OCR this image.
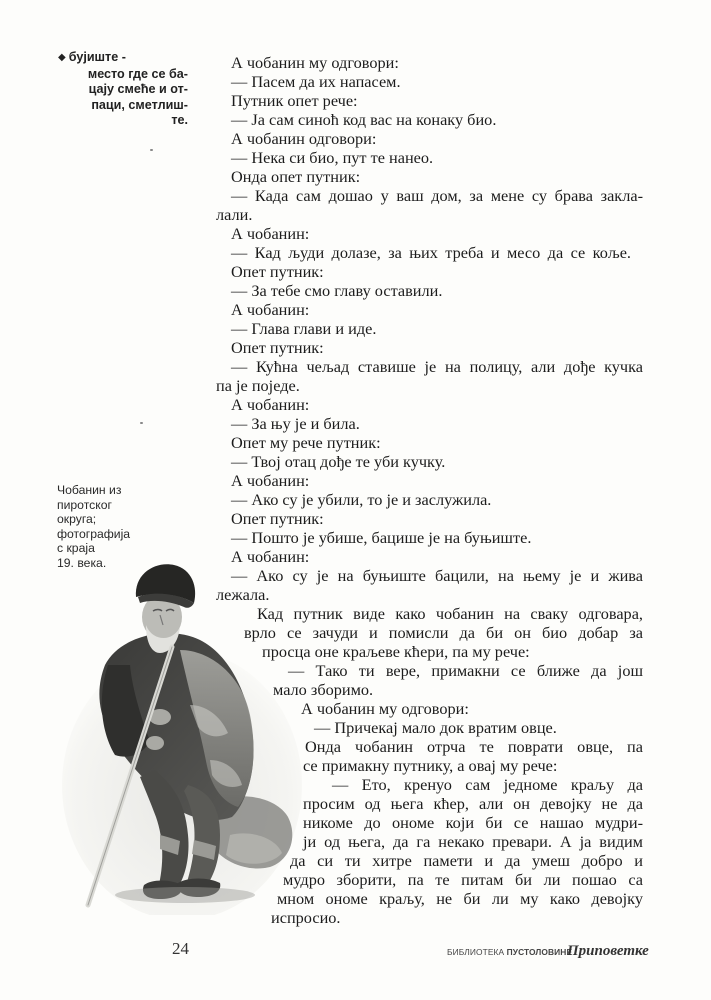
◆ бујиште -
место где се ба-
цају смеће и от-
паци, сметлиш-
те.
Чобанин из
пиротског
округа;
фотографија
с краја
19. века.
А чобанин му одговори:
— Пасем да их напасем.
Путник опет рече:
— Ја сам синоћ код вас на конаку био.
А чобанин одговори:
— Нека си био, пут те нанео.
Онда опет путник:
— Када сам дошао у ваш дом, за мене су брава закла-
лали.
А чобанин:
— Кад људи долазе, за њих треба и месо да се коље.
Опет путник:
— За тебе смо главу оставили.
А чобанин:
— Глава глави и иде.
Опет путник:
— Кућна чељад ставише је на полицу, али дође кучка
па је поједе.
А чобанин:
— За њу је и била.
Опет му рече путник:
— Твој отац дође те уби кучку.
А чобанин:
— Ако су је убили, то је и заслужила.
Опет путник:
— Пошто је убише, бацише је на буњиште.
А чобанин:
— Ако су је на буњиште бацили, на њему је и жива
лежала.
Кад путник виде како чобанин на сваку одговара,
врло се зачуди и помисли да би он био добар за
просца оне краљеве кћери, па му рече:
— Тако ти вере, примакни се ближе да још
мало зборимо.
А чобанин му одговори:
— Причекај мало док вратим овце.
Онда чобанин отрча те поврати овце, па
се примакну путнику, а овај му рече:
— Ето, кренуо сам једноме краљу да
просим од њега кћер, али он девојку не да
никоме до ономе који би се нашао мудри-
ји од њега, да га некако превари. А ја видим
да си ти хитре памети и да умеш добро и
мудро зборити, па те питам би ли пошао са
мном ономе краљу, не би ли му како девојку
испросио.
24	БИБЛИОТЕКА ПУСТОЛОВИНЕ
Приповетке
